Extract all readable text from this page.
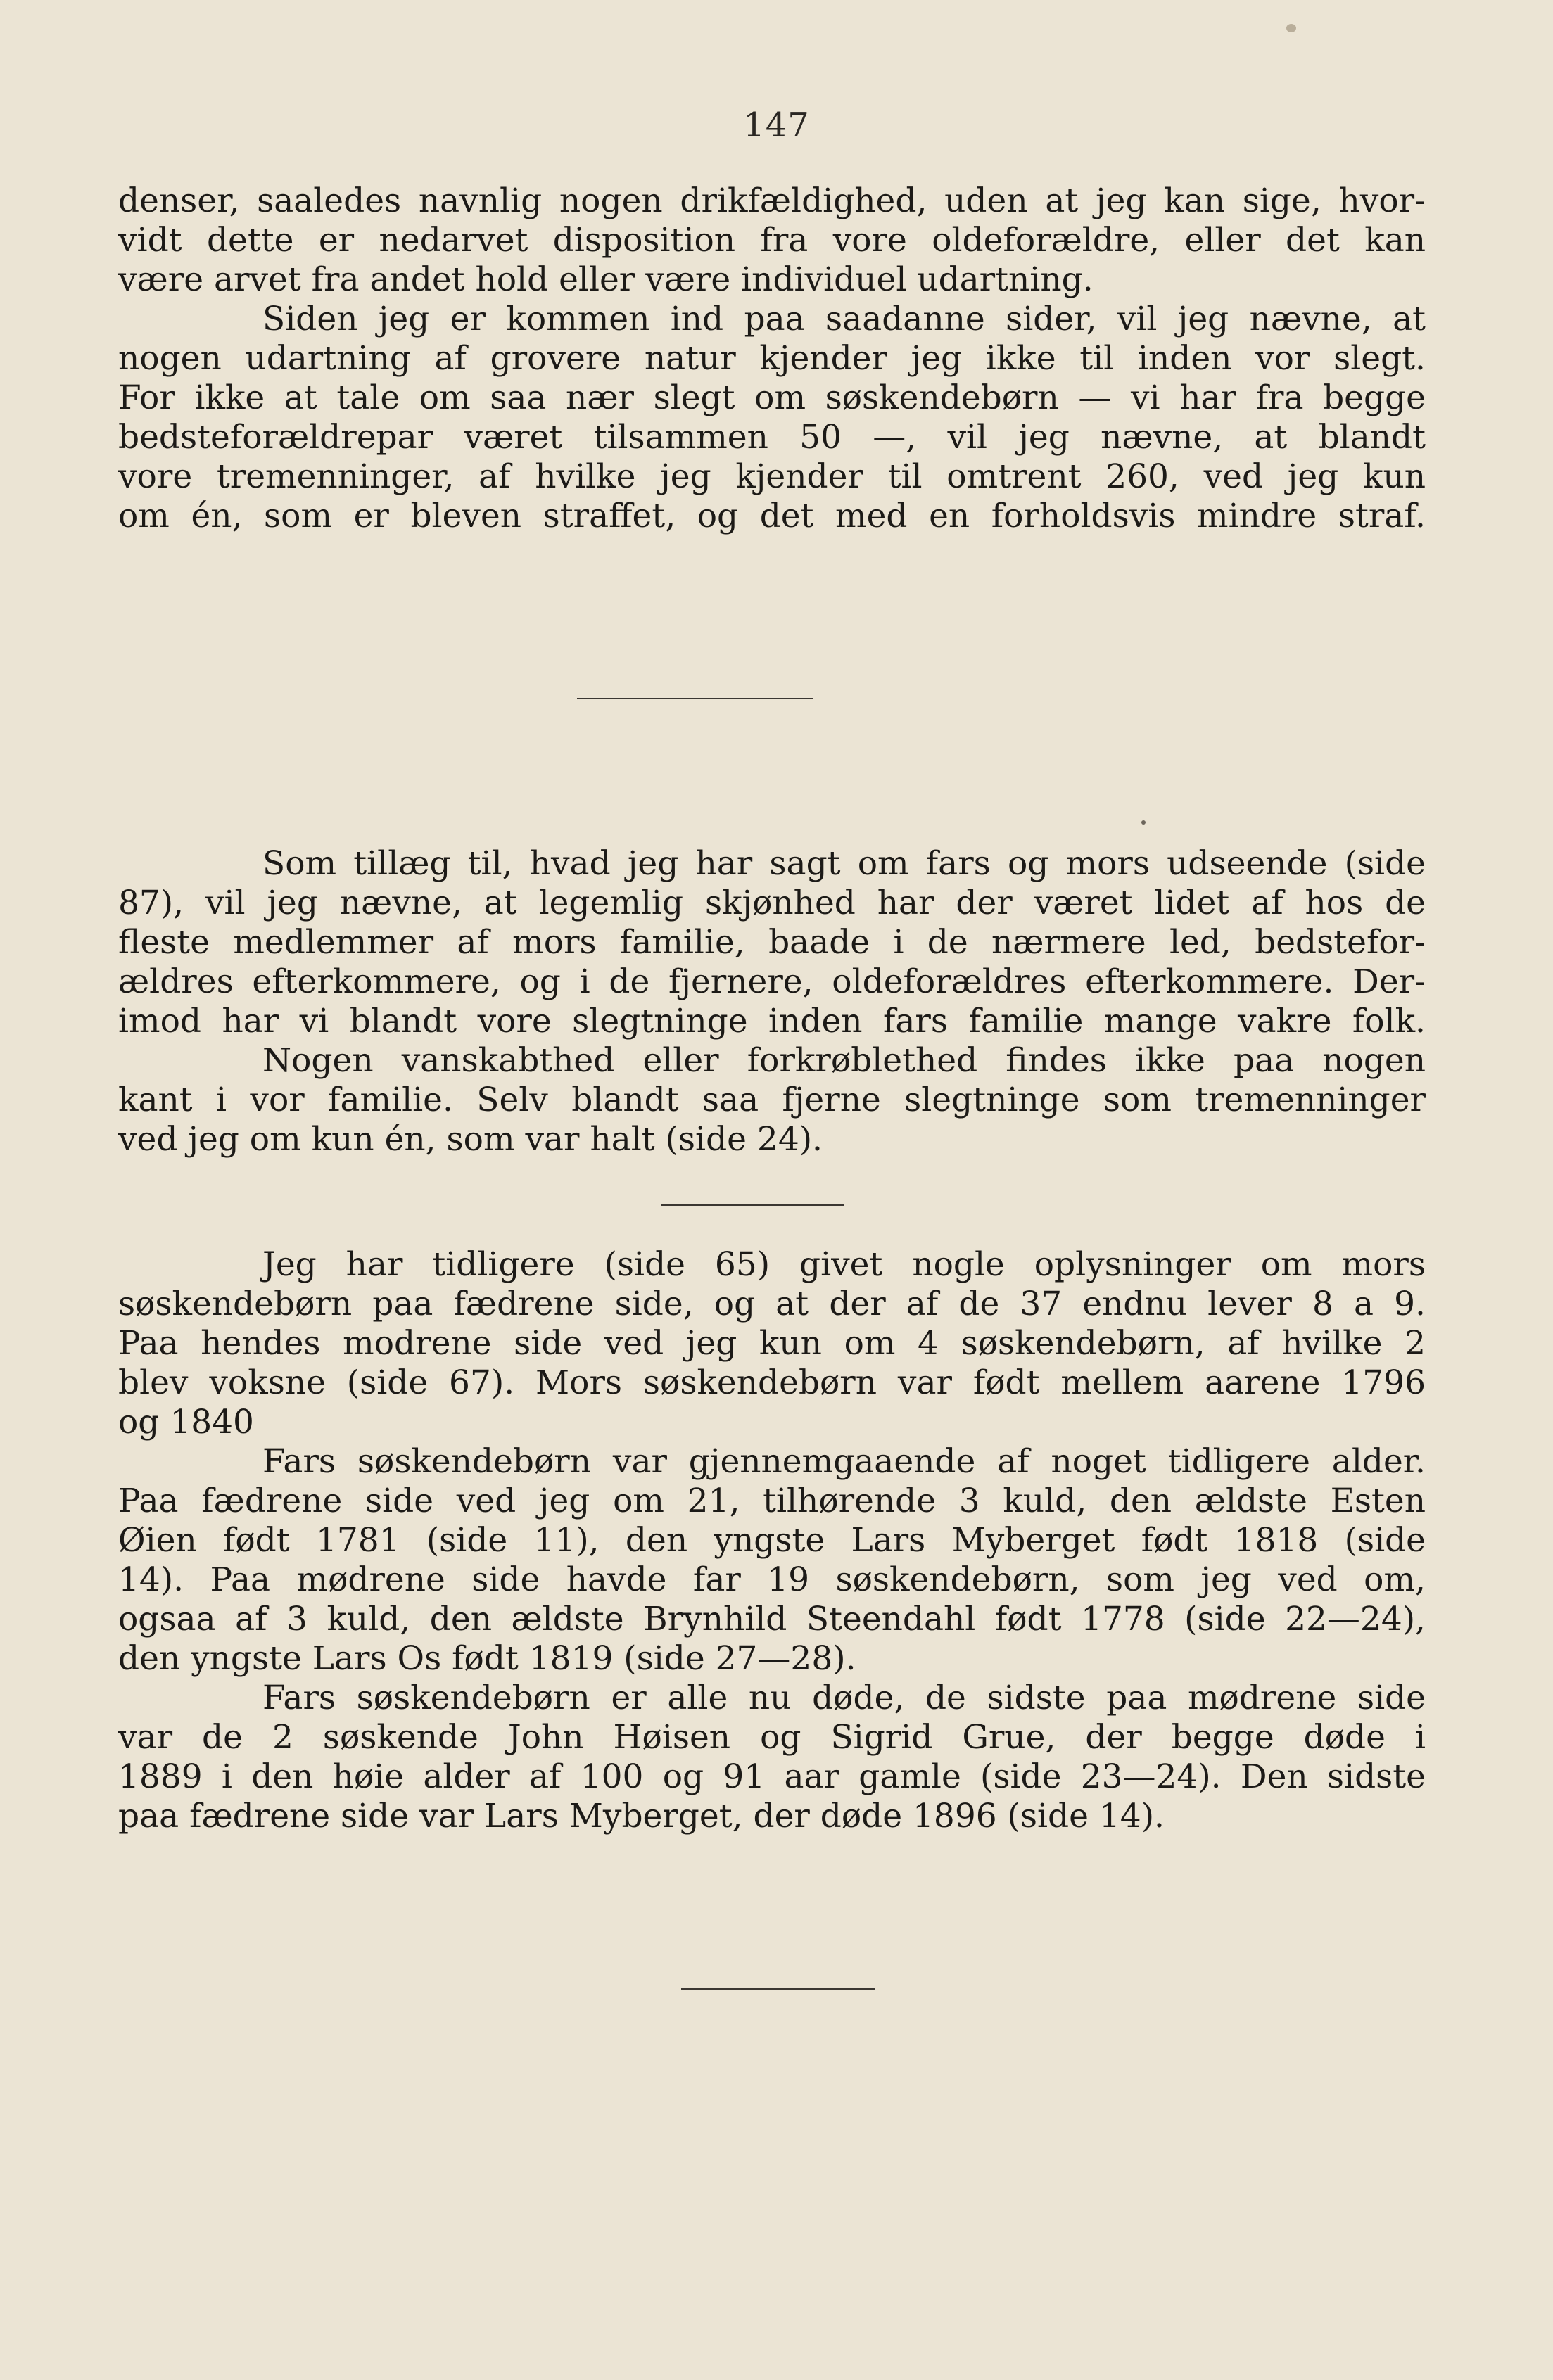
147
denser, saaledes navnlig nogen drikfældighed, uden at jeg kan sige, hvor-
vidt dette er nedarvet disposition fra vore oldeforældre, eller det kan
være arvet fra andet hold eller være individuel udartning.
Siden jeg er kommen ind paa saadanne sider, vil jeg nævne, at
nogen udartning af grovere natur kjender jeg ikke til inden vor slegt.
For ikke at tale om saa nær slegt om søskendebørn — vi har fra begge
bedsteforældrepar været tilsammen 50 —, vil jeg nævne, at blandt
vore tremenninger, af hvilke jeg kjender til omtrent 260, ved jeg kun
om én, som er bleven straffet, og det med en forholdsvis mindre straf.
Som tillæg til, hvad jeg har sagt om fars og mors udseende (side
87), vil jeg nævne, at legemlig skjønhed har der været lidet af hos de
fleste medlemmer af mors familie, baade i de nærmere led, bedstefor-
ældres efterkommere, og i de fjernere, oldeforældres efterkommere. Der-
imod har vi blandt vore slegtninge inden fars familie mange vakre folk.
Nogen vanskabthed eller forkrøblethed findes ikke paa nogen
kant i vor familie. Selv blandt saa fjerne slegtninge som tremenninger
ved jeg om kun én, som var halt (side 24).
Jeg har tidligere (side 65) givet nogle oplysninger om mors
søskendebørn paa fædrene side, og at der af de 37 endnu lever 8 a 9.
Paa hendes modrene side ved jeg kun om 4 søskendebørn, af hvilke 2
blev voksne (side 67). Mors søskendebørn var født mellem aarene 1796
og 1840
Fars søskendebørn var gjennemgaaende af noget tidligere alder.
Paa fædrene side ved jeg om 21, tilhørende 3 kuld, den ældste Esten
Øien født 1781 (side 11), den yngste Lars Myberget født 1818 (side
14). Paa mødrene side havde far 19 søskendebørn, som jeg ved om,
ogsaa af 3 kuld, den ældste Brynhild Steendahl født 1778 (side 22—24),
den yngste Lars Os født 1819 (side 27—28).
Fars søskendebørn er alle nu døde, de sidste paa mødrene side
var de 2 søskende John Høisen og Sigrid Grue, der begge døde i
1889 i den høie alder af 100 og 91 aar gamle (side 23—24). Den sidste
paa fædrene side var Lars Myberget, der døde 1896 (side 14).
